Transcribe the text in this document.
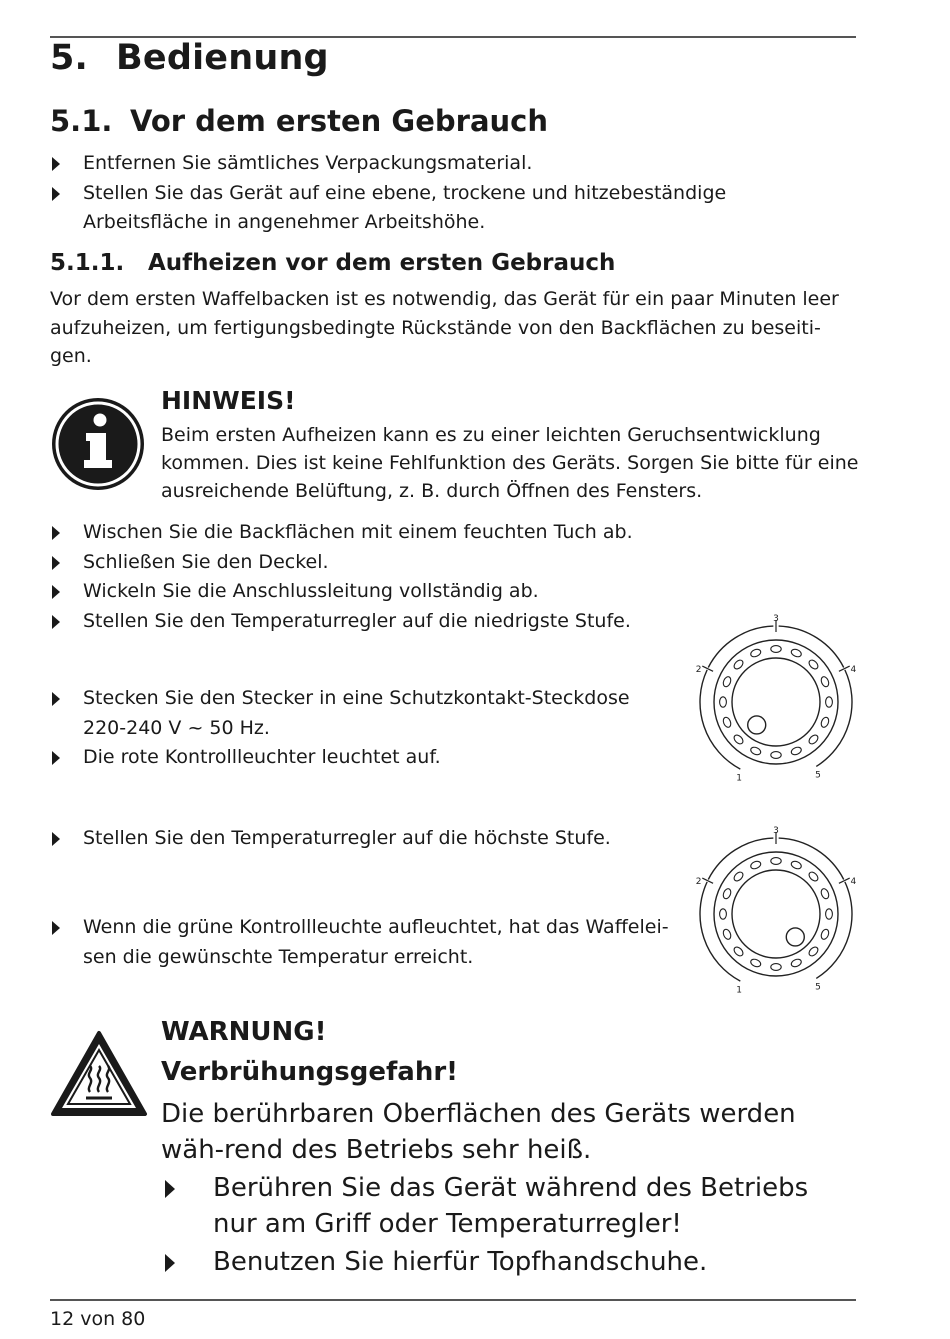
5. Bedienung
5.1. Vor dem ersten Gebrauch
Entfernen Sie sämtliches Verpackungsmaterial.
Stellen Sie das Gerät auf eine ebene, trockene und hitzebeständige Arbeitsfläche in angenehmer Arbeitshöhe.
5.1.1. Aufheizen vor dem ersten Gebrauch
Vor dem ersten Waffelbacken ist es notwendig, das Gerät für ein paar Minuten leer aufzuheizen, um fertigungsbedingte Rückstände von den Backflächen zu beseiti-gen.
HINWEIS!
Beim ersten Aufheizen kann es zu einer leichten Geruchsentwicklung kommen. Dies ist keine Fehlfunktion des Geräts. Sorgen Sie bitte für eine ausreichende Belüftung, z. B. durch Öffnen des Fensters.
Wischen Sie die Backflächen mit einem feuchten Tuch ab.
Schließen Sie den Deckel.
Wickeln Sie die Anschlussleitung vollständig ab.
Stellen Sie den Temperaturregler auf die niedrigste Stufe.
Stecken Sie den Stecker in eine Schutzkontakt-Steckdose 220-240 V ~ 50 Hz.
Die rote Kontrollleuchter leuchtet auf.
Stellen Sie den Temperaturregler auf die höchste Stufe.
Wenn die grüne Kontrollleuchte aufleuchtet, hat das Waffelei-sen die gewünschte Temperatur erreicht.
1
2
3
4
5
1
2
3
4
5
WARNUNG!
Verbrühungsgefahr!
Die berührbaren Oberflächen des Geräts werden wäh-rend des Betriebs sehr heiß.
Berühren Sie das Gerät während des Betriebs nur am Griff oder Temperaturregler!
Benutzen Sie hierfür Topfhandschuhe.
12 von 80
